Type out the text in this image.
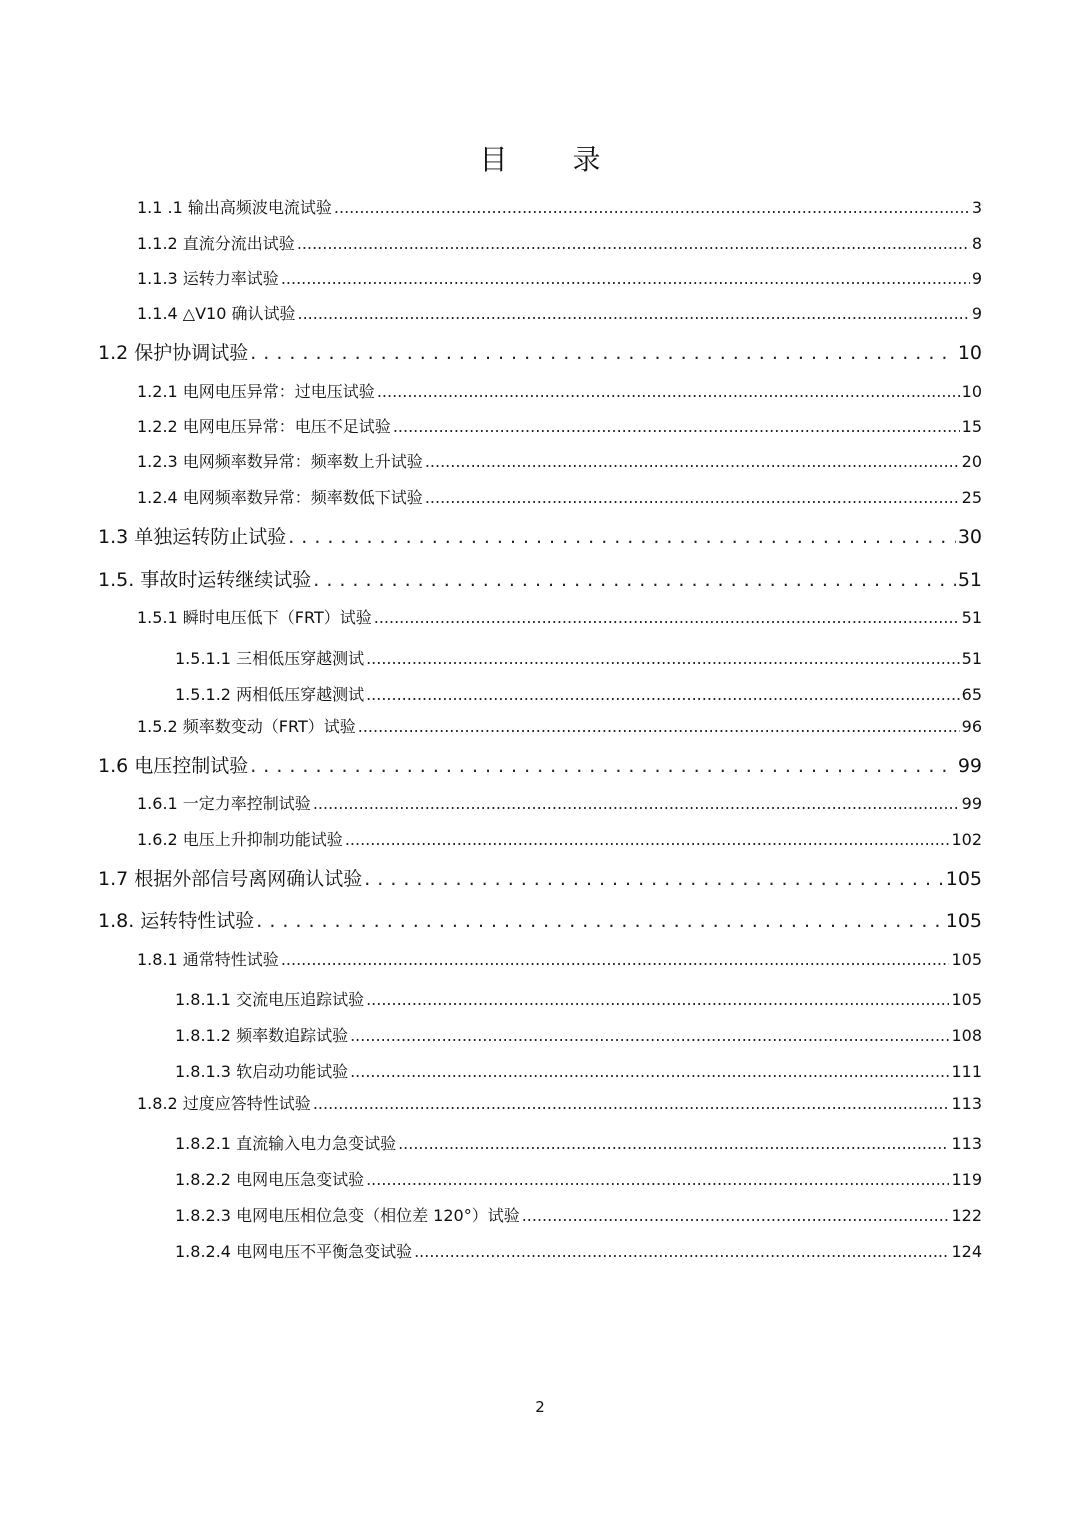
目 录
1.1 .1 输出高频波电流试验 .....	3
1.1.2 直流分流出试验 .....	8
1.1.3 运转力率试验 .....	9
1.1.4 △V10 确认试验 .....	9
1.2 保护协调试验 .....	10
1.2.1 电网电压异常：过电压试验 .....	10
1.2.2 电网电压异常：电压不足试验 .....	15
1.2.3 电网频率数异常：频率数上升试验 .....	20
1.2.4 电网频率数异常：频率数低下试验 .....	25
1.3 单独运转防止试验 .....	30
1.5. 事故时运转继续试验 .....	51
1.5.1 瞬时电压低下（FRT）试验 .....	51
1.5.1.1 三相低压穿越测试 .....	51
1.5.1.2 两相低压穿越测试 .....	65
1.5.2 频率数变动（FRT）试验 .....	96
1.6 电压控制试验 .....	99
1.6.1 一定力率控制试验 .....	99
1.6.2 电压上升抑制功能试验 .....	102
1.7 根据外部信号离网确认试验 .....	105
1.8. 运转特性试验 .....	105
1.8.1 通常特性试验 .....	105
1.8.1.1 交流电压追踪试验 .....	105
1.8.1.2 频率数追踪试验 .....	108
1.8.1.3 软启动功能试验 .....	111
1.8.2 过度应答特性试验 .....	113
1.8.2.1 直流输入电力急变试验 .....	113
1.8.2.2 电网电压急变试验 .....	119
1.8.2.3 电网电压相位急变（相位差 120°）试验 .....	122
1.8.2.4 电网电压不平衡急变试验 .....	124
2
